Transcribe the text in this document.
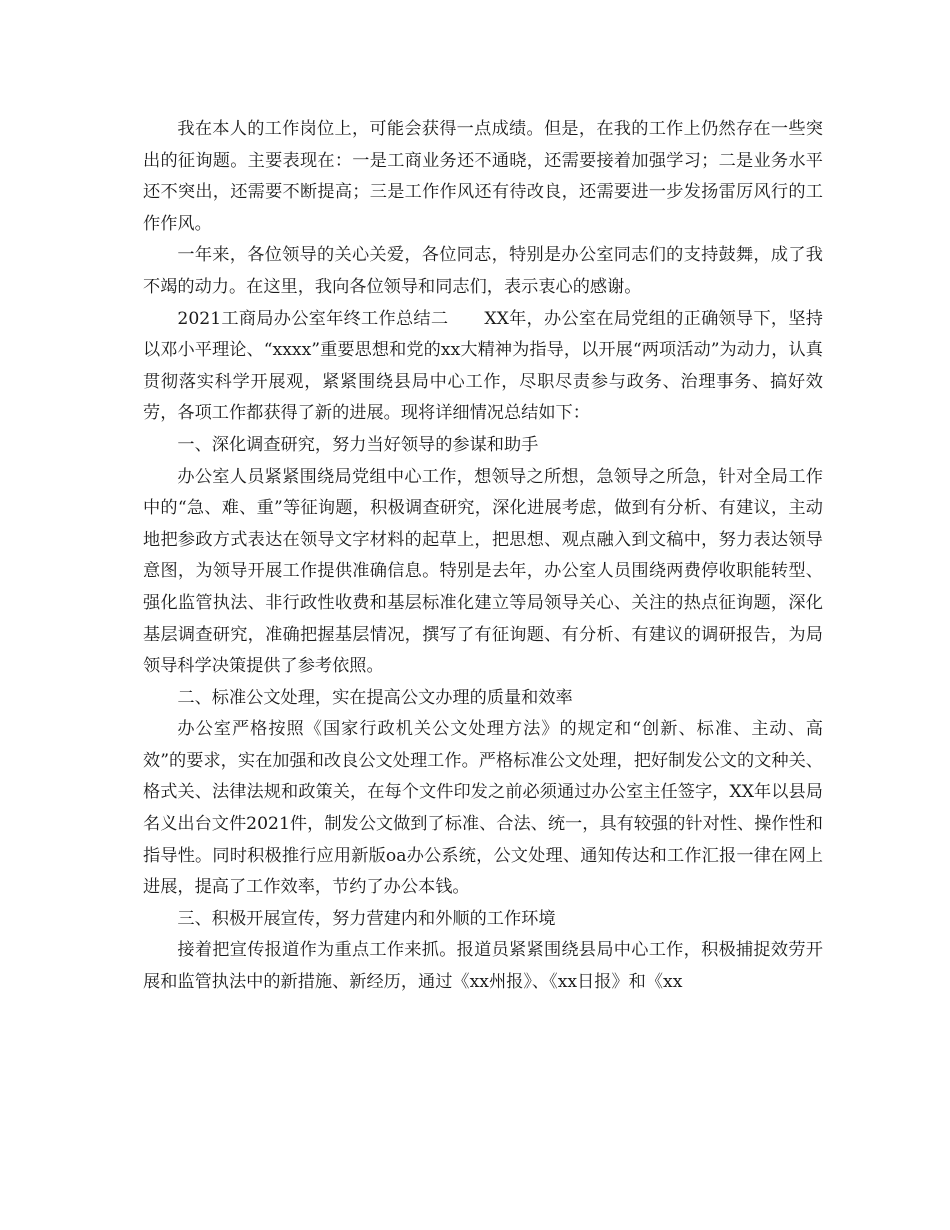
我在本人的工作岗位上，可能会获得一点成绩。但是，在我的工作上仍然存在一些突出的征询题。主要表现在：一是工商业务还不通晓，还需要接着加强学习；二是业务水平还不突出，还需要不断提高；三是工作作风还有待改良，还需要进一步发扬雷厉风行的工作作风。

一年来，各位领导的关心关爱，各位同志，特别是办公室同志们的支持鼓舞，成了我不竭的动力。在这里，我向各位领导和同志们，表示衷心的感谢。

2021工商局办公室年终工作总结二 XX年，办公室在局党组的正确领导下，坚持以邓小平理论、“xxxx”重要思想和党的xx大精神为指导，以开展“两项活动”为动力，认真贯彻落实科学开展观，紧紧围绕县局中心工作，尽职尽责参与政务、治理事务、搞好效劳，各项工作都获得了新的进展。现将详细情况总结如下：

一、深化调查研究，努力当好领导的参谋和助手

办公室人员紧紧围绕局党组中心工作，想领导之所想，急领导之所急，针对全局工作中的“急、难、重”等征询题，积极调查研究，深化进展考虑，做到有分析、有建议，主动地把参政方式表达在领导文字材料的起草上，把思想、观点融入到文稿中，努力表达领导意图，为领导开展工作提供准确信息。特别是去年，办公室人员围绕两费停收职能转型、强化监管执法、非行政性收费和基层标准化建立等局领导关心、关注的热点征询题，深化基层调查研究，准确把握基层情况，撰写了有征询题、有分析、有建议的调研报告，为局领导科学决策提供了参考依照。

二、标准公文处理，实在提高公文办理的质量和效率

办公室严格按照《国家行政机关公文处理方法》的规定和“创新、标准、主动、高效”的要求，实在加强和改良公文处理工作。严格标准公文处理，把好制发公文的文种关、格式关、法律法规和政策关，在每个文件印发之前必须通过办公室主任签字，XX年以县局名义出台文件2021件，制发公文做到了标准、合法、统一，具有较强的针对性、操作性和指导性。同时积极推行应用新版oa办公系统，公文处理、通知传达和工作汇报一律在网上进展，提高了工作效率，节约了办公本钱。

三、积极开展宣传，努力营建内和外顺的工作环境

接着把宣传报道作为重点工作来抓。报道员紧紧围绕县局中心工作，积极捕捉效劳开展和监管执法中的新措施、新经历，通过《xx州报》、《xx日报》和《xx
